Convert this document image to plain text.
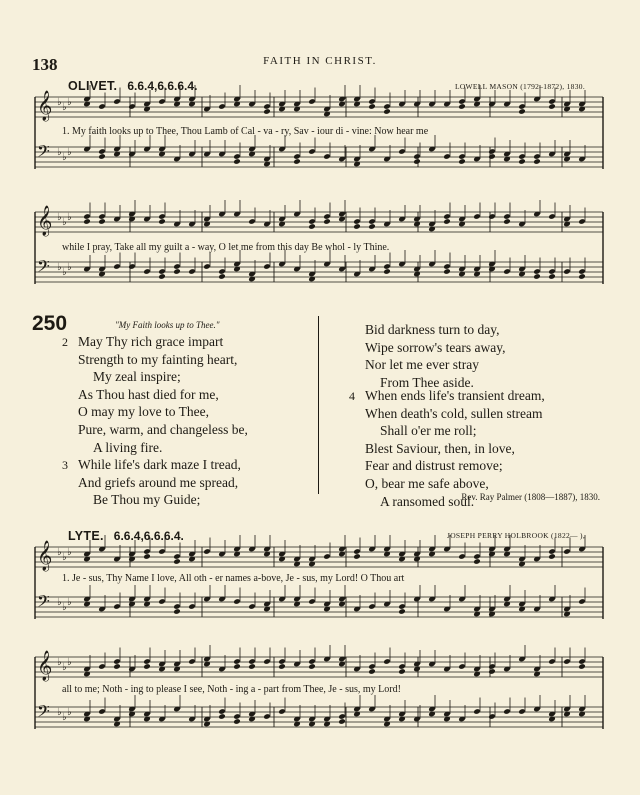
138	FAITH IN CHRIST.
OLIVET. 6.6.4,6.6.6.4.	LOWELL MASON (1792–1872), 1830.
𝄞 ♭ ♭ ♭
𝄢 ♭ ♭ ♭
1. My faith looks up to Thee, Thou Lamb of Cal - va - ry, Sav - iour di - vine: Now hear me
𝄞 ♭ ♭ ♭
𝄢 ♭ ♭ ♭
while I pray, Take all my guilt a - way, O let me from this day Be whol - ly Thine.
250	"My Faith looks up to Thee."
2 May Thy rich grace impart
Strength to my fainting heart,
My zeal inspire;
As Thou hast died for me,
O may my love to Thee,
Pure, warm, and changeless be,
A living fire.
3 While life's dark maze I tread,
And griefs around me spread,
Be Thou my Guide;
Bid darkness turn to day,
Wipe sorrow's tears away,
Nor let me ever stray
From Thee aside.
4 When ends life's transient dream,
When death's cold, sullen stream
Shall o'er me roll;
Blest Saviour, then, in love,
Fear and distrust remove;
O, bear me safe above,
A ransomed soul.
Rev. Ray Palmer (1808—1887), 1830.
LYTE. 6.6.4,6.6.6.4.	JOSEPH PERRY HOLBROOK (1822— ),
𝄞 ♭ ♭ ♭
𝄢 ♭ ♭ ♭
1. Je - sus, Thy Name I love, All oth - er names a-bove, Je - sus, my Lord! O Thou art
𝄞 ♭ ♭ ♭
𝄢 ♭ ♭ ♭
all to me; Noth - ing to please I see, Noth - ing a - part from Thee, Je - sus, my Lord!
